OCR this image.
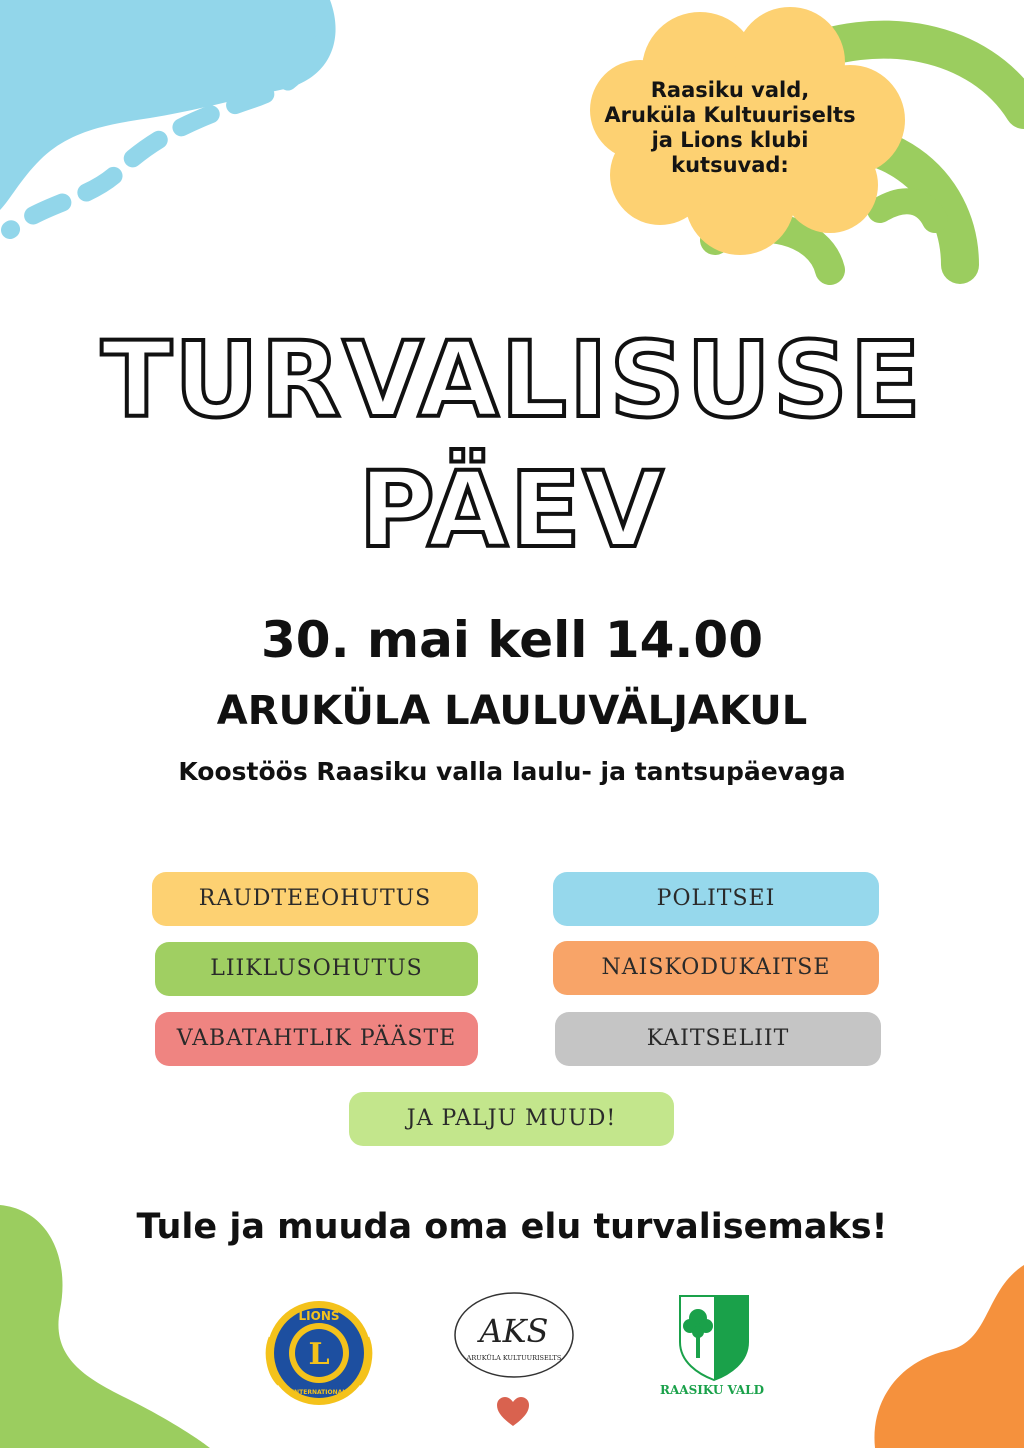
Raasiku vald,
Aruküla Kultuuriselts
ja Lions klubi
kutsuvad:
TURVALISUSE
PÄEV
30. mai kell 14.00
ARUKÜLA LAULUVÄLJAKUL
Koostöös Raasiku valla laulu- ja tantsupäevaga
RAUDTEEOHUTUS	POLITSEI
LIIKLUSOHUTUS	NAISKODUKAITSE
VABATAHTLIK PÄÄSTE	KAITSELIIT
JA PALJU MUUD!
Tule ja muuda oma elu turvalisemaks!
L
LIONS
INTERNATIONAL
AKS
ARUKÜLA KULTUURISELTS
RAASIKU VALD
